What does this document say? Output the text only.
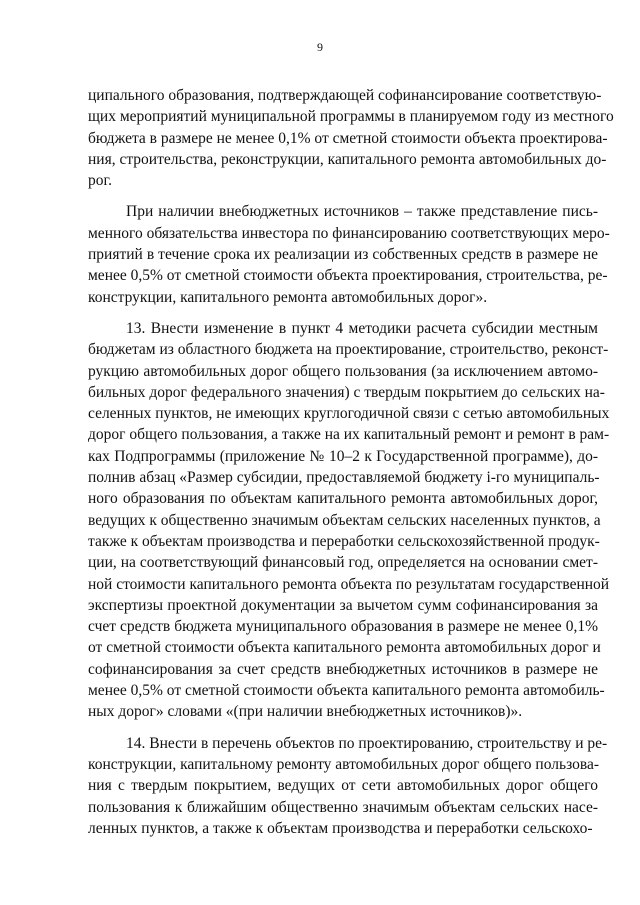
9
ципального образования, подтверждающей софинансирование соответствую-
щих мероприятий муниципальной программы в планируемом году из местного
бюджета в размере не менее 0,1% от сметной стоимости объекта проектирова-
ния, строительства, реконструкции, капитального ремонта автомобильных до-
рог.
При наличии внебюджетных источников – также представление пись-
менного обязательства инвестора по финансированию соответствующих меро-
приятий в течение срока их реализации из собственных средств в размере не
менее 0,5% от сметной стоимости объекта проектирования, строительства, ре-
конструкции, капитального ремонта автомобильных дорог».
13. Внести изменение в пункт 4 методики расчета субсидии местным
бюджетам из областного бюджета на проектирование, строительство, реконст-
рукцию автомобильных дорог общего пользования (за исключением автомо-
бильных дорог федерального значения) с твердым покрытием до сельских на-
селенных пунктов, не имеющих круглогодичной связи с сетью автомобильных
дорог общего пользования, а также на их капитальный ремонт и ремонт в рам-
ках Подпрограммы (приложение № 10–2 к Государственной программе), до-
полнив абзац «Размер субсидии, предоставляемой бюджету i-го муниципаль-
ного образования по объектам капитального ремонта автомобильных дорог,
ведущих к общественно значимым объектам сельских населенных пунктов, а
также к объектам производства и переработки сельскохозяйственной продук-
ции, на соответствующий финансовый год, определяется на основании смет-
ной стоимости капитального ремонта объекта по результатам государственной
экспертизы проектной документации за вычетом сумм софинансирования за
счет средств бюджета муниципального образования в размере не менее 0,1%
от сметной стоимости объекта капитального ремонта автомобильных дорог и
софинансирования за счет средств внебюджетных источников в размере не
менее 0,5% от сметной стоимости объекта капитального ремонта автомобиль-
ных дорог» словами «(при наличии внебюджетных источников)».
14. Внести в перечень объектов по проектированию, строительству и ре-
конструкции, капитальному ремонту автомобильных дорог общего пользова-
ния с твердым покрытием, ведущих от сети автомобильных дорог общего
пользования к ближайшим общественно значимым объектам сельских насе-
ленных пунктов, а также к объектам производства и переработки сельскохо-
